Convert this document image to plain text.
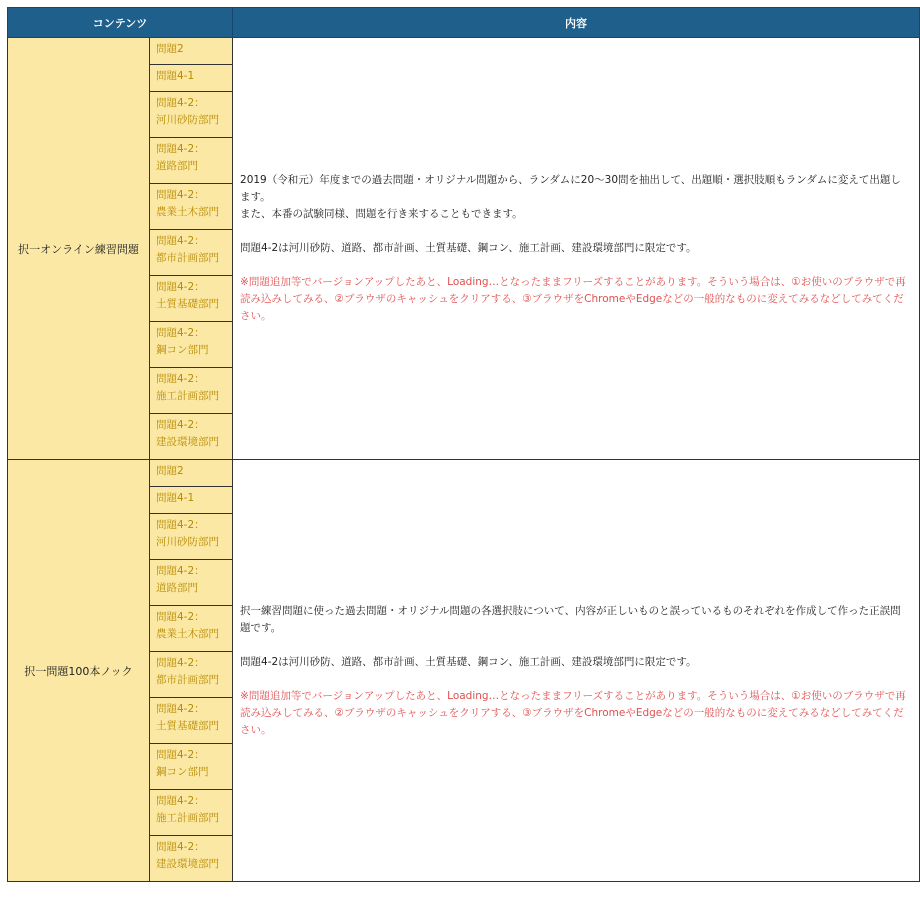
コンテンツ		内容
択一オンライン練習問題	問題2	2019（令和元）年度までの過去問題・オリジナル問題から、ランダムに20～30問を抽出して、出題順・選択肢順もランダムに変えて出題します。

また、本番の試験同様、問題を行き来することもできます。

問題4-2は河川砂防、道路、都市計画、土質基礎、鋼コン、施工計画、建設環境部門に限定です。

※問題追加等でバージョンアップしたあと、Loading…となったままフリーズすることがあります。そういう場合は、①お使いのブラウザで再読み込みしてみる、②ブラウザのキャッシュをクリアする、③ブラウザをChromeやEdgeなどの一般的なものに変えてみるなどしてみてください。

	問題4-1	
	問題4-2：
河川砂防部門	
	問題4-2：
道路部門	
	問題4-2：
農業土木部門	
	問題4-2：
都市計画部門	
	問題4-2：
土質基礎部門	
	問題4-2：
鋼コン部門	
	問題4-2：
施工計画部門	
	問題4-2：
建設環境部門	
択一問題100本ノック	問題2	択一練習問題に使った過去問題・オリジナル問題の各選択肢について、内容が正しいものと誤っているものそれぞれを作成して作った正誤問題です。

問題4-2は河川砂防、道路、都市計画、土質基礎、鋼コン、施工計画、建設環境部門に限定です。

※問題追加等でバージョンアップしたあと、Loading…となったままフリーズすることがあります。そういう場合は、①お使いのブラウザで再読み込みしてみる、②ブラウザのキャッシュをクリアする、③ブラウザをChromeやEdgeなどの一般的なものに変えてみるなどしてみてください。

	問題4-1	
	問題4-2：
河川砂防部門	
	問題4-2：
道路部門	
	問題4-2：
農業土木部門	
	問題4-2：
都市計画部門	
	問題4-2：
土質基礎部門	
	問題4-2：
鋼コン部門	
	問題4-2：
施工計画部門	
	問題4-2：
建設環境部門	
